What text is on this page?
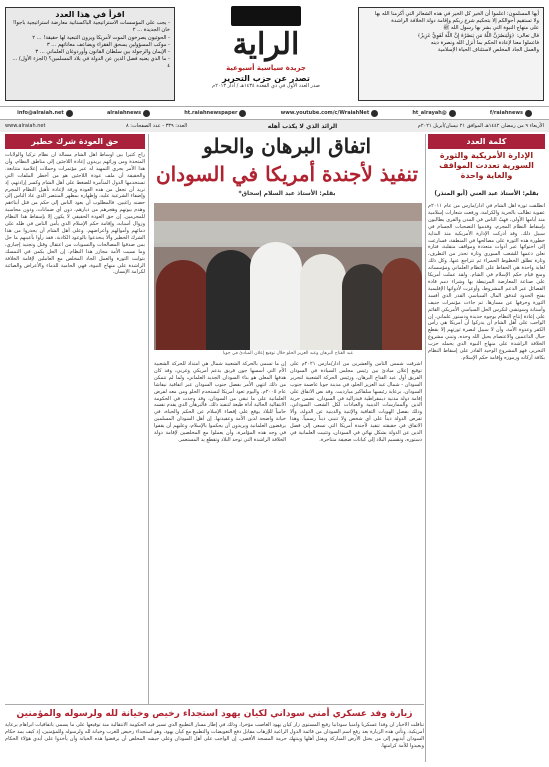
أيها المسلمون: اعلموا أن الخير كل الخير في هذه الشعائر التي أكرمنا الله بها
ولا تستقيم أحوالكم إلا بتحكيم شرع ربكم وإقامة دولة الخلافة الراشدة
على منهاج النبوة التي بشر بها رسول الله ﷺ
قال تعالى: ﴿وَلَيَنصُرَنَّ اللَّهُ مَن يَنصُرُهُ إِنَّ اللَّهَ لَقَوِيٌّ عَزِيزٌ﴾
فاعملوا معنا لإعادة الحكم بما أنزل الله ونصرة دينه
والعمل الجاد المخلص لاستئناف الحياة الإسلامية
الراية
جريدة سياسية أسبوعية
تصدر عن حزب التحرير
صدر العدد الأول في ذي القعدة ١٤٣٤هـ / آذار ٢٠١٣م
اقرأ في هذا العدد
- يجب على المؤسسات الاستراتيجية الباكستانية معارضة استراتيجية باجوا! خان الجديدة ... ٢
- الحوثيون يصرخون الموت لأمريكا ويرون التبعية لها حقيقة! ... ٢
- موكب المسؤولين يسحق الفقراء ويضاعف معاناتهم ... ٣
- الإيمان والرجولة بين سلطان القانون وأوردوغان العلماني ... ٣
- ما الذي يعنيه فصل الدين عن الدولة في بلاد المسلمين؟ (الجزء الأول) ... ٤
f/raiahnews
@ht_alrayah
www.youtube.com/c/WraiahNet
ht.raiahnewspaper
alraiahnews
info@alraiah.net
الأربعاء ٩ من رمضان ١٤٤٢هـ الموافق ٢١ نيسان/أبريل ٢٠٢١م
الرائد الذي لا يكذب أهله
العدد: ٣٣٩ - عدد الصفحات: ٨
www.alraiah.net
كلمة العدد
الإدارة الأمريكية والثورة السورية تعددت المواقف والغاية واحدة
بقلم: الأستاذ عبد الغني (أبو المنذر)
انطلقت ثورة أهل الشام في آذار/مارس من عام ٢٠١١م عفوية تطالب بالحرية والكرامة، ورفعت شعارات إسلامية منذ أيامها الأولى، فهبّ الناس في المدن والقرى يطالبون بإسقاط النظام المجرم، وقدموا التضحيات الجسام في سبيل ذلك. وقد أدركت الإدارة الأمريكية منذ البداية خطورة هذه الثورة على مصالحها في المنطقة، فسارعت إلى احتوائها عبر أدوات متعددة ومواقف متقلبة، فتارة تعلن دعمها للشعب السوري وتارة تحذر من التطرف، وتارة تطلق الخطوط الحمراء ثم تتراجع عنها، وكل ذلك لغاية واحدة هي الحفاظ على النظام العلماني ومؤسساته ومنع قيام حكم الإسلام في الشام. ولقد عملت أمريكا على صناعة المعارضة المرتبطة بها وشراء ذمم قادة الفصائل عبر الدعم المشروط، وأوعزت لأدواتها الإقليمية بفتح الحدود لتدفق المال السياسي القذر الذي أفسد الثورة وحرفها عن مسارها. ثم جاءت مؤتمرات جنيف وأستانة وسوتشي لتكرس الحل السياسي الأمريكي القائم على إعادة إنتاج النظام بوجوه جديدة ودستور علماني. إن الواجب على أهل الشام أن يدركوا أن أمريكا هي رأس الكفر وعدوة الأمة، وأن لا سبيل لنصرة ثورتهم إلا بقطع حبال الداعمين والاعتصام بحبل الله وحده، وتبني مشروع الخلافة الراشدة على منهاج النبوة الذي يحمله حزب التحرير، فهو المشروع الوحيد القادر على إسقاط النظام بكافة أركانه ورموزه وإقامة حكم الإسلام.
حق العودة شرك خطير
راج كثيراً بين أوساط أهل الشام مسألة أن نظام تركيا والولايات المتحدة ومن ورائهم يريدون إعادة اللاجئين إلى مناطق النظام، وأن هذا الأمر يجري التمهيد له عبر مؤتمرات وحملات إعلامية متتابعة. والحقيقة أن ملف عودة اللاجئين هو من أخطر الملفات التي تستخدمها الدول المتآمرة للضغط على أهل الشام وكسر إرادتهم، إذ تريد أن تجعل من هذه العودة ورقة لإعادة تأهيل النظام المجرم وإضفاء الشرعية عليه، وإظهاره بمظهر المنتصر الذي عاد الناس إلى حضنه راغبين. فالمطلوب أن يعود الناس إلى حكم من قتل أبناءهم وهدم بيوتهم وهجرهم من ديارهم، دون أي ضمانات، ودون محاسبة للمجرمين. إن حق العودة الحقيقي لا يكون إلا بإسقاط هذا النظام وزوال أسبابه، وإقامة حكم الإسلام الذي يأمن الناس في ظله على دمائهم وأموالهم وأعراضهم. وعلى أهل الشام أن يحذروا من هذا الشرك الخطير وألا ينخدعوا بالوعود الكاذبة، فقد رأوا بأعينهم ما حل بمن صدقوا المصالحات والتسويات من اعتقال وقتل وتجنيد إجباري، وما نسيت الأمة مجازر هذا النظام. إن الحل يكمن في التمسك بثوابت الثورة والعمل الجاد المخلص مع العاملين لإقامة الخلافة الراشدة على منهاج النبوة، فهي الحامية للدماء والأعراض والصائنة لكرامة الإنسان.
اتفاق البرهان والحلو
تنفيذ لأجندة أمريكا في السودان
بقلم: الأستاذ عبد السلام إسحاق*
عبد الفتاح البرهان وعبد العزيز الحلو خلال توقيع إعلان المبادئ في جوبا
أشرقت شمس الثامن والعشرين من آذار/مارس ٢٠٢١م على توقيع إعلان مبادئ بين رئيس مجلس السيادة في السودان الفريق أول عبد الفتاح البرهان، ورئيس الحركة الشعبية لتحرير السودان - شمال عبد العزيز الحلو، في مدينة جوبا عاصمة جنوب السودان، برعاية رئيسها سلفاكير ميارديت. وقد نص الاتفاق على إقامة دولة مدنية ديمقراطية فيدرالية في السودان، تضمن حرية الدين والممارسات الدينية والعبادات لكل الشعب السوداني، وذلك بفصل الهويات الثقافية والإثنية والدينية عن الدولة، وألا تفرض الدولة ديناً على أي شخص ولا تتبنى ديناً رسمياً. وهذا الاتفاق في حقيقته تنفيذ لأجندة أمريكا التي تسعى إلى فصل الدين عن الدولة بشكل نهائي في السودان، وتثبيت العلمانية في دستوره، وتقسيم البلاد إلى كيانات ضعيفة متناحرة.
إن ما تسمى بالحركة الشعبية شمال هي امتداد للحركة الشعبية الأم التي أسسها جون قرنق بدعم أمريكي وغربي، وقد كان هدفها المعلن هو بناء السودان الجديد العلماني، ولما لم تتمكن من ذلك انتهى الأمر بفصل جنوب السودان عبر اتفاقية نيفاشا عام ٢٠٠٥م. واليوم تعود أمريكا لتستخدم الحلو ومن معه لفرض العلمانية على ما تبقى من السودان، وقد وجدت في الحكومة الانتقالية الحالية أداة طيعة لتنفيذ ذلك. فالبرهان الذي يقدم نفسه حامياً للبلاد يوقع على إقصاء الإسلام عن الحكم والحياة، في خيانة واضحة لدين الأمة وعقيدتها. إن أهل السودان المسلمين يرفضون العلمانية ويريدون أن يحكموا بالإسلام، وعليهم أن يقفوا في وجه هذه المؤامرة، وأن يعملوا مع المخلصين لإقامة دولة الخلافة الراشدة التي توحد البلاد وتقطع يد المستعمر.
زيارة وفد عسكري أمني سوداني لكيان يهود استجداء رخيص وخيانة لله ولرسوله والمؤمنين
تناقلت الأخبار أن وفداً عسكرياً وأمنياً سودانياً رفيع المستوى زار كيان يهود الغاصب مؤخراً، وذلك في إطار مسار التطبيع الذي تسير فيه الحكومة الانتقالية منذ توقيعها على ما يسمى باتفاقيات أبراهام برعاية أمريكية. وتأتي هذه الزيارة بعد رفع اسم السودان من قائمة الدول الراعية للإرهاب مقابل دفع التعويضات والتطبيع مع كيان يهود، وهو استجداء رخيص للغرب وخيانة لله ولرسوله وللمؤمنين، إذ كيف يمد حكام السودان أيديهم إلى من يحتل الأرض المباركة ويقتل أهلها وينتهك حرمة المسجد الأقصى. إن الواجب على أهل السودان وعلى جيشه المخلص أن يرفضوا هذه الخيانة وأن يأخذوا على أيدي هؤلاء الحكام ويعيدوا للأمة كرامتها.
